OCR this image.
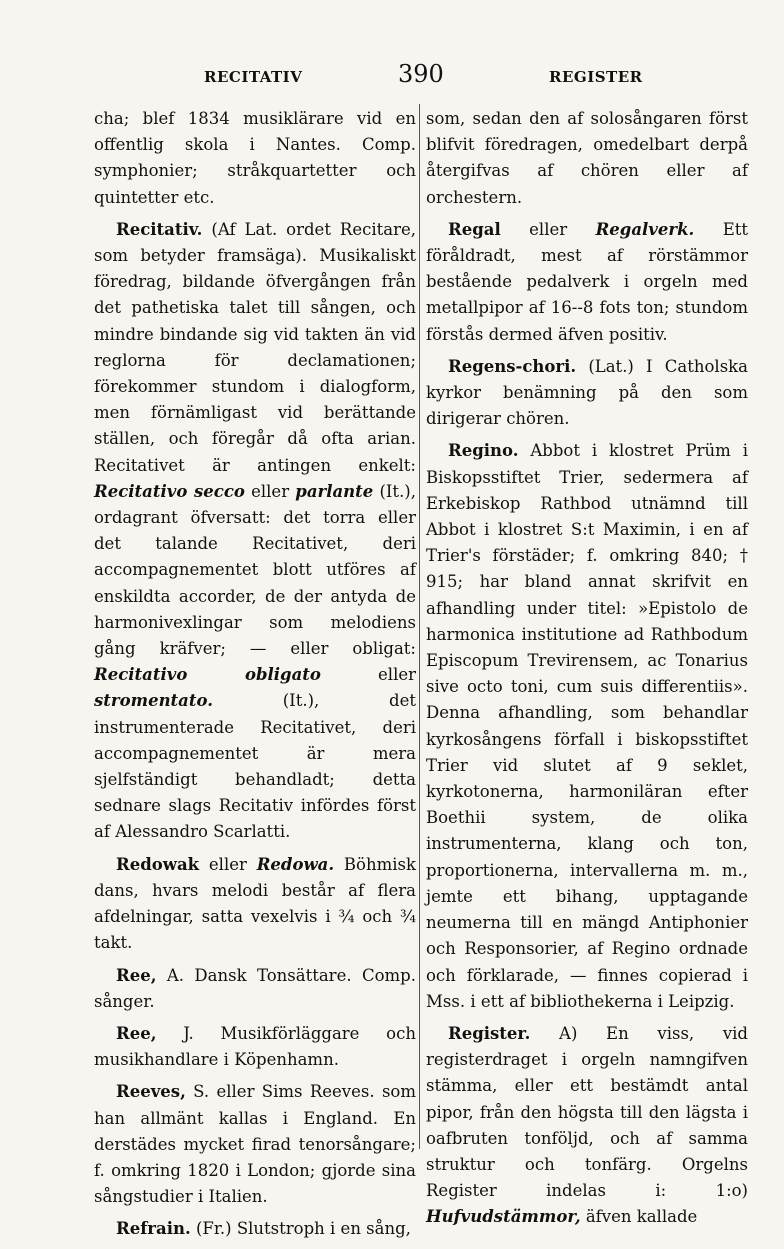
RECITATIV	390	REGISTER

cha; blef 1834 musiklärare vid en offentlig skola i Nantes. Comp. symphonier; stråkquartetter och quintetter etc.

Recitativ. (Af Lat. ordet Recitare, som betyder framsäga). Musikaliskt föredrag, bildande öfvergången från det pathetiska talet till sången, och mindre bindande sig vid takten än vid reglorna för declamationen; förekommer stundom i dialogform, men förnämligast vid berättande ställen, och föregår då ofta arian. Recitativet är antingen enkelt: Recitativo secco eller parlante (It.), ordagrant öfversatt: det torra eller det talande Recitativet, deri accompagnementet blott utföres af enskildta accorder, de der antyda de harmonivexlingar som melodiens gång kräfver; — eller obligat: Recitativo obligato eller stromentato. (It.), det instrumenterade Recitativet, deri accompagnementet är mera sjelfständigt behandladt; detta sednare slags Recitativ infördes först af Alessandro Scarlatti.

Redowak eller Redowa. Böhmisk dans, hvars melodi består af flera afdelningar, satta vexelvis i ¾ och ¾ takt.

Ree, A. Dansk Tonsättare. Comp. sånger.

Ree, J. Musikförläggare och musikhandlare i Köpenhamn.

Reeves, S. eller Sims Reeves. som han allmänt kallas i England. En derstädes mycket firad tenorsångare; f. omkring 1820 i London; gjorde sina sångstudier i Italien.

Refrain. (Fr.) Slutstroph i en sång,

som, sedan den af solosångaren först blifvit föredragen, omedelbart derpå återgifvas af chören eller af orchestern.

Regal eller Regalverk. Ett föråldradt, mest af rörstämmor bestående pedalverk i orgeln med metallpipor af 16--8 fots ton; stundom förstås dermed äfven positiv.

Regens-chori. (Lat.) I Catholska kyrkor benämning på den som dirigerar chören.

Regino. Abbot i klostret Prüm i Biskopsstiftet Trier, sedermera af Erkebiskop Rathbod utnämnd till Abbot i klostret S:t Maximin, i en af Trier's förstäder; f. omkring 840; † 915; har bland annat skrifvit en afhandling under titel: »Epistolo de harmonica institutione ad Rathbodum Episcopum Trevirensem, ac Tonarius sive octo toni, cum suis differentiis». Denna afhandling, som behandlar kyrkosångens förfall i biskopsstiftet Trier vid slutet af 9 seklet, kyrkotonerna, harmoniläran efter Boethii system, de olika instrumenterna, klang och ton, proportionerna, intervallerna m. m., jemte ett bihang, upptagande neumerna till en mängd Antiphonier och Responsorier, af Regino ordnade och förklarade, — finnes copierad i Mss. i ett af bibliothekerna i Leipzig.

Register. A) En viss, vid registerdraget i orgeln namngifven stämma, eller ett bestämdt antal pipor, från den högsta till den lägsta i oafbruten tonföljd, och af samma struktur och tonfärg. Orgelns Register indelas i: 1:o) Hufvudstämmor, äfven kallade
